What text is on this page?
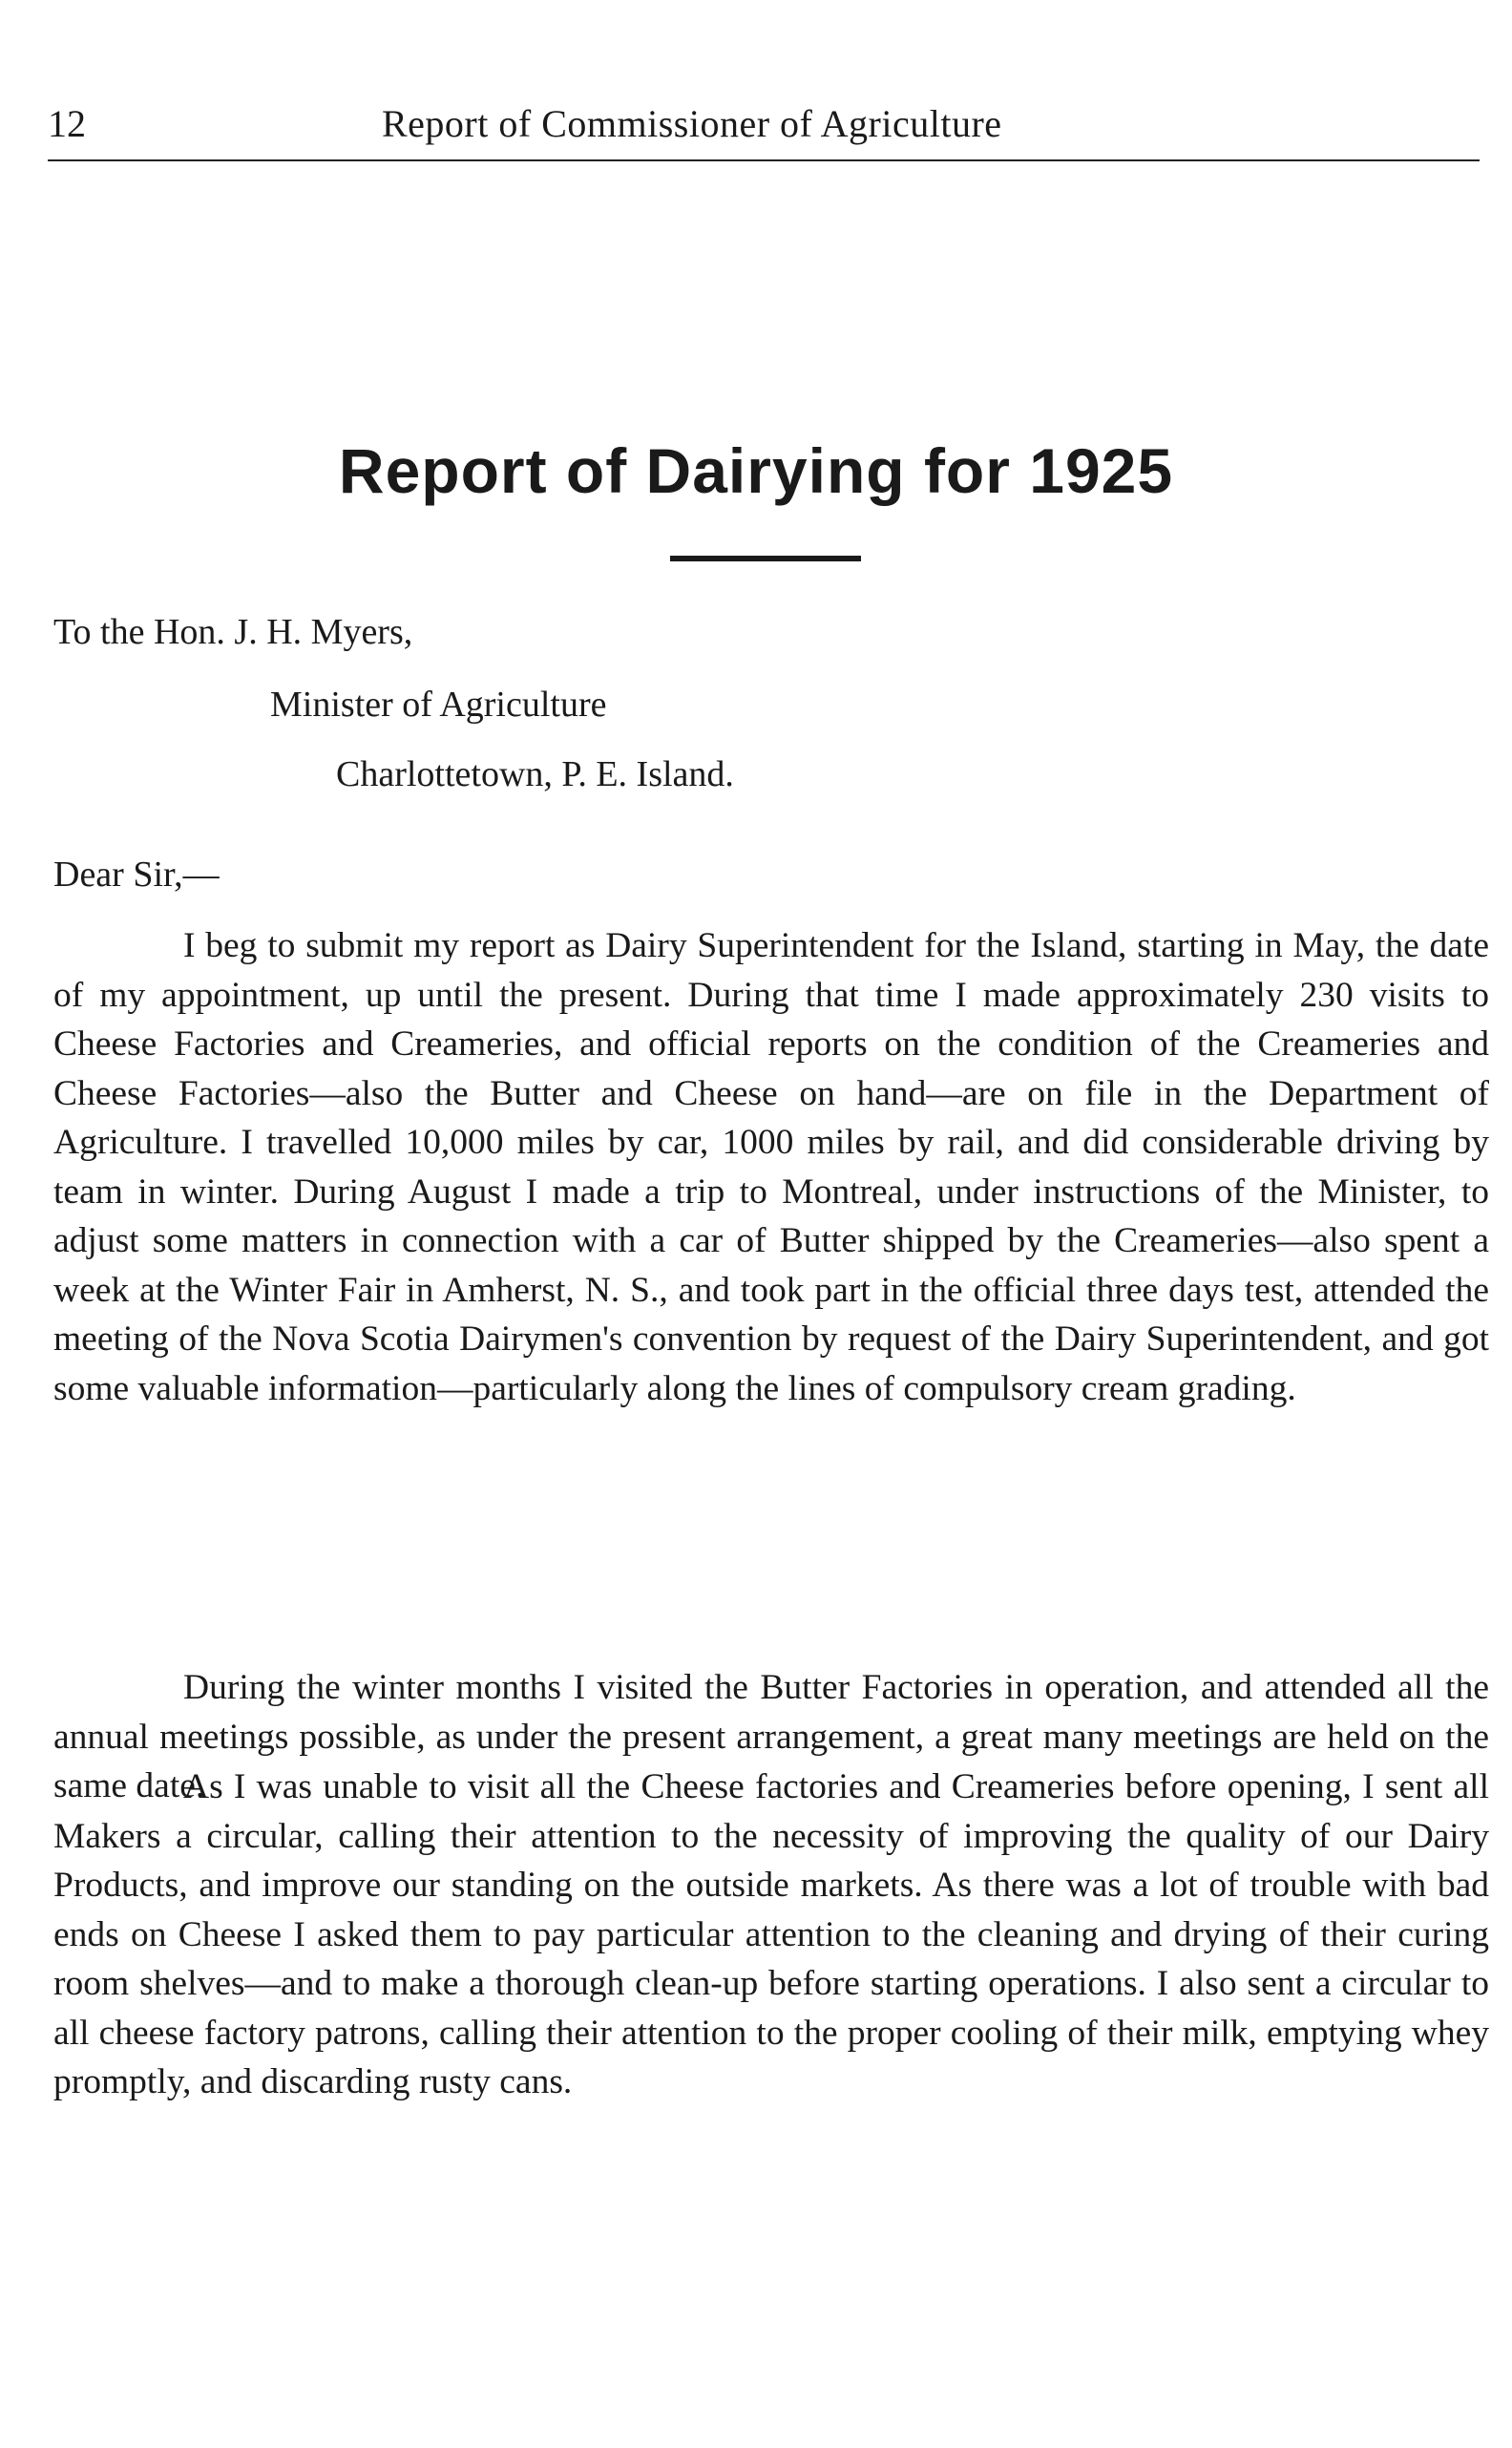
12	Report of Commissioner of Agriculture
Report of Dairying for 1925
To the Hon. J. H. Myers,
Minister of Agriculture
Charlottetown, P. E. Island.
Dear Sir,—

I beg to submit my report as Dairy Superintendent for the Island, starting in May, the date of my appointment, up until the present. During that time I made approximately 230 visits to Cheese Factories and Creameries, and official reports on the condition of the Creameries and Cheese Factories—also the Butter and Cheese on hand—are on file in the Department of Agriculture. I travelled 10,000 miles by car, 1000 miles by rail, and did considerable driving by team in winter. During August I made a trip to Montreal, under instructions of the Minister, to adjust some matters in connection with a car of Butter shipped by the Creameries—also spent a week at the Winter Fair in Amherst, N. S., and took part in the official three days test, attended the meeting of the Nova Scotia Dairymen's convention by request of the Dairy Superintendent, and got some valuable information—particularly along the lines of compulsory cream grading.

During the winter months I visited the Butter Factories in operation, and attended all the annual meetings possible, as under the present arrangement, a great many meetings are held on the same date.

As I was unable to visit all the Cheese factories and Creameries before opening, I sent all Makers a circular, calling their attention to the necessity of improving the quality of our Dairy Products, and improve our standing on the outside markets. As there was a lot of trouble with bad ends on Cheese I asked them to pay particular attention to the cleaning and drying of their curing room shelves—and to make a thorough clean-up before starting operations. I also sent a circular to all cheese factory patrons, calling their attention to the proper cooling of their milk, emptying whey promptly, and discarding rusty cans.
